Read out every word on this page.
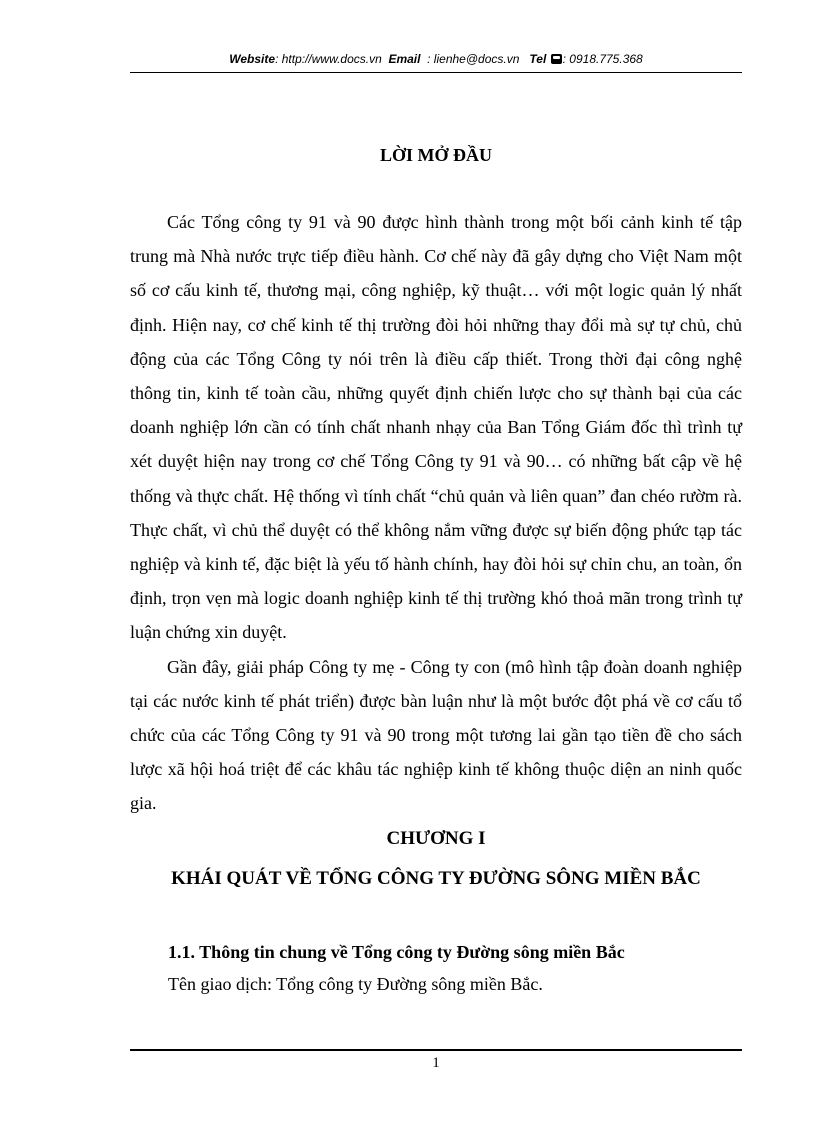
Website: http://www.docs.vn Email : lienhe@docs.vn Tel : 0918.775.368
LỜI MỞ ĐẦU

Các Tổng công ty 91 và 90 được hình thành trong một bối cảnh kinh tế tập trung mà Nhà nước trực tiếp điều hành. Cơ chế này đã gây dựng cho Việt Nam một số cơ cấu kinh tế, thương mại, công nghiệp, kỹ thuật… với một logic quản lý nhất định. Hiện nay, cơ chế kinh tế thị trường đòi hỏi những thay đổi mà sự tự chủ, chủ động của các Tổng Công ty nói trên là điều cấp thiết. Trong thời đại công nghệ thông tin, kinh tế toàn cầu, những quyết định chiến lược cho sự thành bại của các doanh nghiệp lớn cần có tính chất nhanh nhạy của Ban Tổng Giám đốc thì trình tự xét duyệt hiện nay trong cơ chế Tổng Công ty 91 và 90… có những bất cập về hệ thống và thực chất. Hệ thống vì tính chất “chủ quản và liên quan” đan chéo rườm rà. Thực chất, vì chủ thể duyệt có thể không nắm vững được sự biến động phức tạp tác nghiệp và kinh tế, đặc biệt là yếu tố hành chính, hay đòi hỏi sự chỉn chu, an toàn, ổn định, trọn vẹn mà logic doanh nghiệp kinh tế thị trường khó thoả mãn trong trình tự luận chứng xin duyệt.

Gần đây, giải pháp Công ty mẹ - Công ty con (mô hình tập đoàn doanh nghiệp tại các nước kinh tế phát triển) được bàn luận như là một bước đột phá về cơ cấu tổ chức của các Tổng Công ty 91 và 90 trong một tương lai gần tạo tiền đề cho sách lược xã hội hoá triệt để các khâu tác nghiệp kinh tế không thuộc diện an ninh quốc gia.

CHƯƠNG I
KHÁI QUÁT VỀ TỔNG CÔNG TY ĐƯỜNG SÔNG MIỀN BẮC
1.1. Thông tin chung về Tổng công ty Đường sông miền Bắc
Tên giao dịch: Tổng công ty Đường sông miền Bắc.
1
